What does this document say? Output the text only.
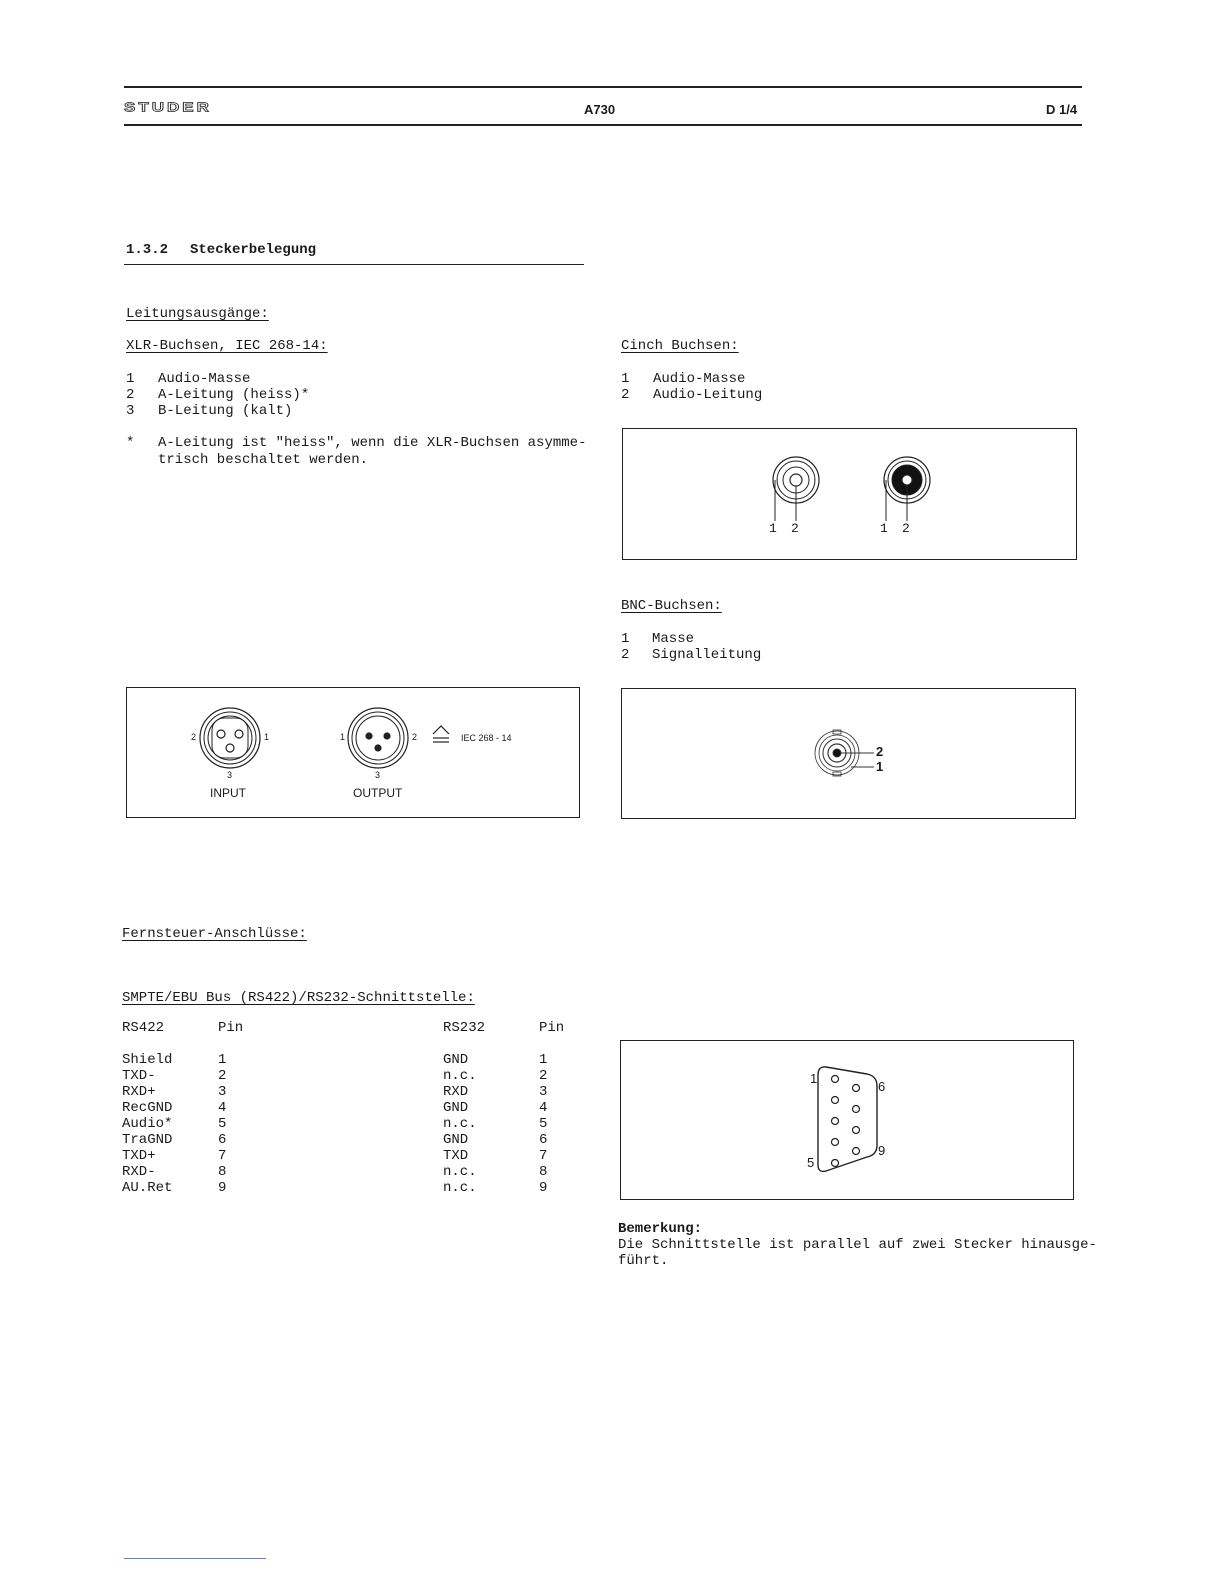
STUDER	A730	D 1/4
1.3.2 Steckerbelegung
Leitungsausgänge:
XLR-Buchsen, IEC 268-14:
1 Audio-Masse
2 A-Leitung (heiss)*
3 B-Leitung (kalt)
* A-Leitung ist "heiss", wenn die XLR-Buchsen asymme-
trisch beschaltet werden.
2	1
3
INPUT
1	2
3
OUTPUT
IEC 268 - 14
Cinch Buchsen:
1 Audio-Masse
2 Audio-Leitung
1 2	1 2
BNC-Buchsen:
1 Masse
2 Signalleitung
2
1
Fernsteuer-Anschlüsse:
SMPTE/EBU Bus (RS422)/RS232-Schnittstelle:
RS422	Pin	RS232	Pin
Shield	1	GND	1
TXD-	2	n.c.	2
RXD+	3	RXD	3
RecGND	4	GND	4
Audio*	5	n.c.	5
TraGND	6	GND	6
TXD+	7	TXD	7
RXD-	8	n.c.	8
AU.Ret	9	n.c.	9
1
5
6
9
Bemerkung:
Die Schnittstelle ist parallel auf zwei Stecker hinausge-
führt.
